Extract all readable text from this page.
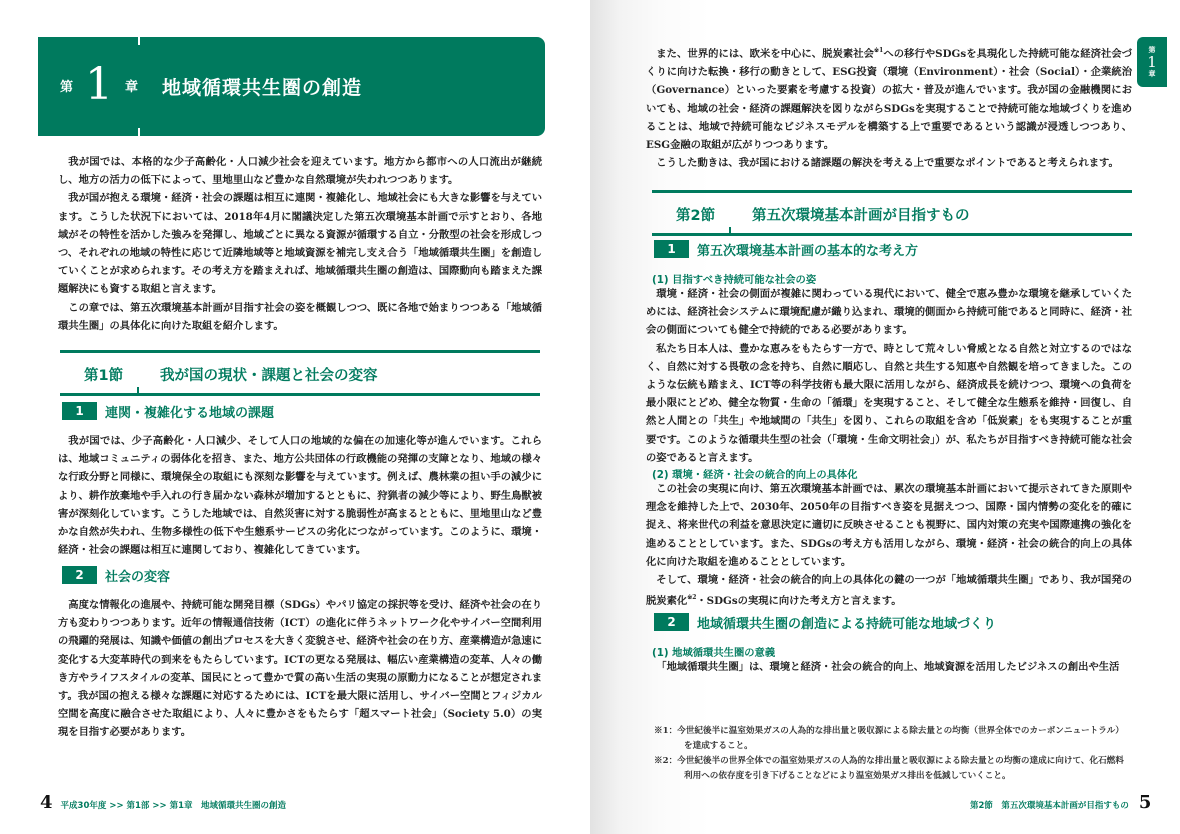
第 1 章 地域循環共生圏の創造

我が国では、本格的な少子高齢化・人口減少社会を迎えています。地方から都市への人口流出が継続し、地方の活力の低下によって、里地里山など豊かな自然環境が失われつつあります。

我が国が抱える環境・経済・社会の課題は相互に連関・複雑化し、地域社会にも大きな影響を与えています。こうした状況下においては、2018年4月に閣議決定した第五次環境基本計画で示すとおり、各地域がその特性を活かした強みを発揮し、地域ごとに異なる資源が循環する自立・分散型の社会を形成しつつ、それぞれの地域の特性に応じて近隣地域等と地域資源を補完し支え合う「地域循環共生圏」を創造していくことが求められます。その考え方を踏まえれば、地域循環共生圏の創造は、国際動向も踏まえた課題解決にも資する取組と言えます。

この章では、第五次環境基本計画が目指す社会の姿を概観しつつ、既に各地で始まりつつある「地域循環共生圏」の具体化に向けた取組を紹介します。

第1節	我が国の現状・課題と社会の変容
1	連関・複雑化する地域の課題

我が国では、少子高齢化・人口減少、そして人口の地域的な偏在の加速化等が進んでいます。これらは、地域コミュニティの弱体化を招き、また、地方公共団体の行政機能の発揮の支障となり、地域の様々な行政分野と同様に、環境保全の取組にも深刻な影響を与えています。例えば、農林業の担い手の減少により、耕作放棄地や手入れの行き届かない森林が増加するとともに、狩猟者の減少等により、野生鳥獣被害が深刻化しています。こうした地域では、自然災害に対する脆弱性が高まるとともに、里地里山など豊かな自然が失われ、生物多様性の低下や生態系サービスの劣化につながっています。このように、環境・経済・社会の課題は相互に連関しており、複雑化してきています。

2	社会の変容

高度な情報化の進展や、持続可能な開発目標（SDGs）やパリ協定の採択等を受け、経済や社会の在り方も変わりつつあります。近年の情報通信技術（ICT）の進化に伴うネットワーク化やサイバー空間利用の飛躍的発展は、知識や価値の創出プロセスを大きく変貌させ、経済や社会の在り方、産業構造が急速に変化する大変革時代の到来をもたらしています。ICTの更なる発展は、幅広い産業構造の変革、人々の働き方やライフスタイルの変革、国民にとって豊かで質の高い生活の実現の原動力になることが想定されます。我が国の抱える様々な課題に対応するためには、ICTを最大限に活用し、サイバー空間とフィジカル空間を高度に融合させた取組により、人々に豊かさをもたらす「超スマート社会」（Society 5.0）の実現を目指す必要があります。

4 平成30年度 >> 第1部 >> 第1章　地域循環共生圏の創造
第
1
章

また、世界的には、欧米を中心に、脱炭素社会$^{※1}$への移行やSDGsを具現化した持続可能な経済社会づくりに向けた転換・移行の動きとして、ESG投資（環境（Environment）・社会（Social）・企業統治（Governance）といった要素を考慮する投資）の拡大・普及が進んでいます。我が国の金融機関においても、地域の社会・経済の課題解決を図りながらSDGsを実現することで持続可能な地域づくりを進めることは、地域で持続可能なビジネスモデルを構築する上で重要であるという認識が浸透しつつあり、ESG金融の取組が広がりつつあります。

こうした動きは、我が国における諸課題の解決を考える上で重要なポイントであると考えられます。

第2節	第五次環境基本計画が目指すもの
1	第五次環境基本計画の基本的な考え方
(1) 目指すべき持続可能な社会の姿

環境・経済・社会の側面が複雑に関わっている現代において、健全で恵み豊かな環境を継承していくためには、経済社会システムに環境配慮が織り込まれ、環境的側面から持続可能であると同時に、経済・社会の側面についても健全で持続的である必要があります。

私たち日本人は、豊かな恵みをもたらす一方で、時として荒々しい脅威となる自然と対立するのではなく、自然に対する畏敬の念を持ち、自然に順応し、自然と共生する知恵や自然観を培ってきました。このような伝統も踏まえ、ICT等の科学技術も最大限に活用しながら、経済成長を続けつつ、環境への負荷を最小限にとどめ、健全な物質・生命の「循環」を実現すること、そして健全な生態系を維持・回復し、自然と人間との「共生」や地域間の「共生」を図り、これらの取組を含め「低炭素」をも実現することが重要です。このような循環共生型の社会（「環境・生命文明社会」）が、私たちが目指すべき持続可能な社会の姿であると言えます。

(2) 環境・経済・社会の統合的向上の具体化

この社会の実現に向け、第五次環境基本計画では、累次の環境基本計画において提示されてきた原則や理念を維持した上で、2030年、2050年の目指すべき姿を見据えつつ、国際・国内情勢の変化を的確に捉え、将来世代の利益を意思決定に適切に反映させることも視野に、国内対策の充実や国際連携の強化を進めることとしています。また、SDGsの考え方も活用しながら、環境・経済・社会の統合的向上の具体化に向けた取組を進めることとしています。

そして、環境・経済・社会の統合的向上の具体化の鍵の一つが「地域循環共生圏」であり、我が国発の脱炭素化$^{※2}$・SDGsの実現に向けた考え方と言えます。

2	地域循環共生圏の創造による持続可能な地域づくり
(1) 地域循環共生圏の意義

「地域循環共生圏」は、環境と経済・社会の統合的向上、地域資源を活用したビジネスの創出や生活

※1：今世紀後半に温室効果ガスの人為的な排出量と吸収源による除去量との均衡（世界全体でのカーボンニュートラル）を達成すること。
※2：今世紀後半の世界全体での温室効果ガスの人為的な排出量と吸収源による除去量との均衡の達成に向けて、化石燃料利用への依存度を引き下げることなどにより温室効果ガス排出を低減していくこと。
第2節　第五次環境基本計画が目指すもの 5
